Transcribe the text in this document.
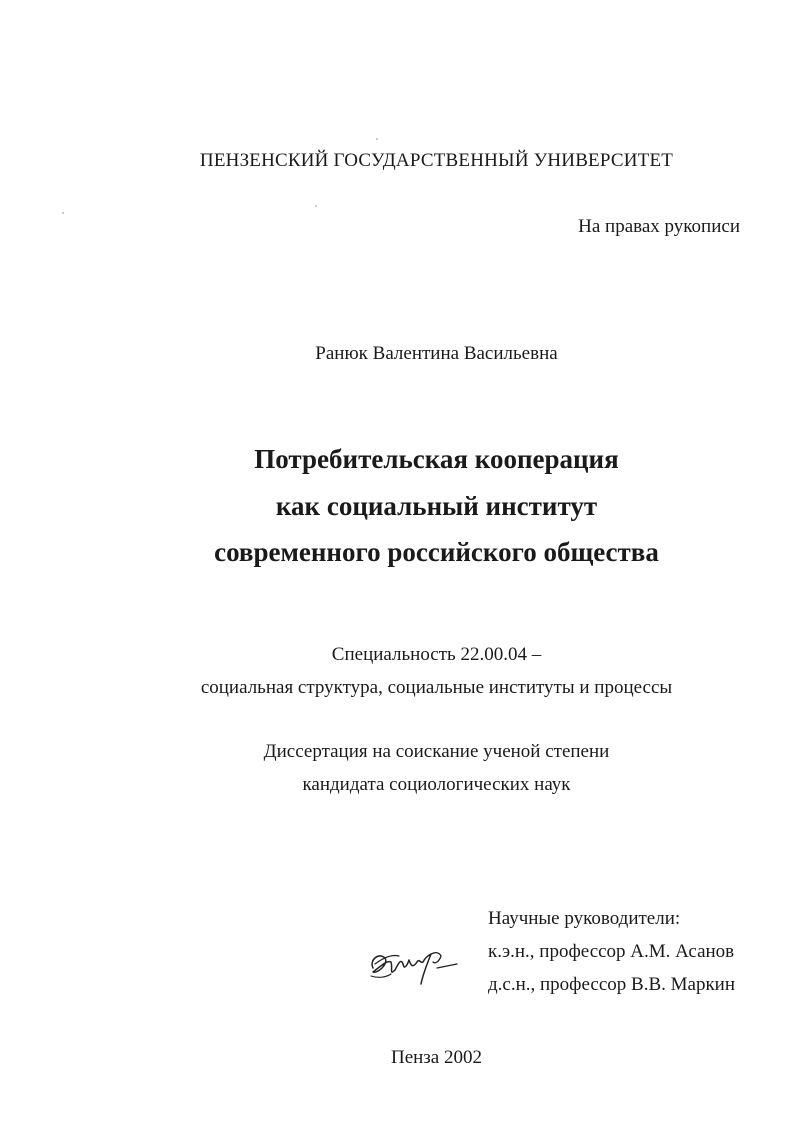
ПЕНЗЕНСКИЙ ГОСУДАРСТВЕННЫЙ УНИВЕРСИТЕТ
На правах рукописи
Ранюк Валентина Васильевна
Потребительская кооперация
как социальный институт
современного российского общества
Специальность 22.00.04 –
социальная структура, социальные институты и процессы
Диссертация на соискание ученой степени
кандидата социологических наук
Научные руководители:
к.э.н., профессор А.М. Асанов
д.с.н., профессор В.В. Маркин
Пенза 2002
